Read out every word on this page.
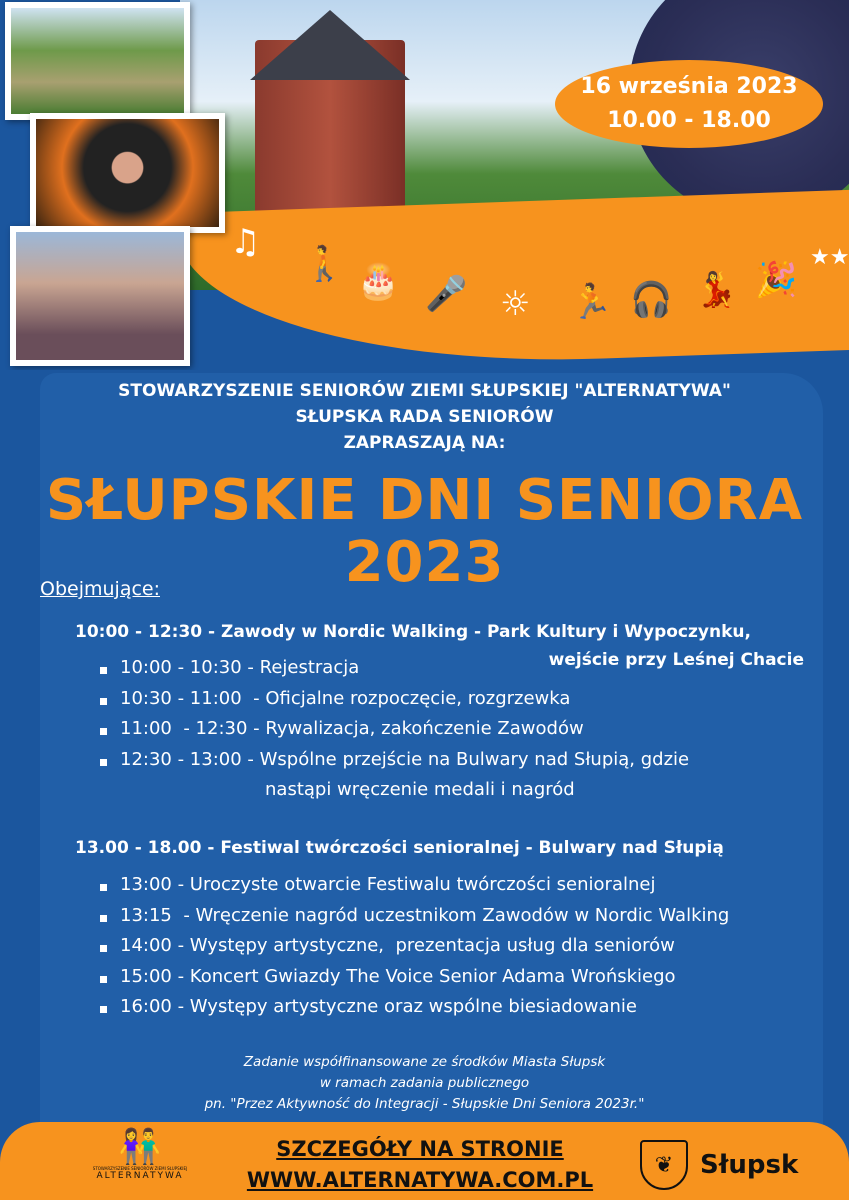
♫
🚶 🎂 🎤 ☼ 🏃 🎧 💃 🎉
★★
16 września 2023
10.00 - 18.00
STOWARZYSZENIE SENIORÓW ZIEMI SŁUPSKIEJ "ALTERNATYWA"
SŁUPSKA RADA SENIORÓW
ZAPRASZAJĄ NA:
SŁUPSKIE DNI SENIORA
2023
Obejmujące:
10:00 - 12:30 - Zawody w Nordic Walking - Park Kultury i Wypoczynku,
wejście przy Leśnej Chacie
10:00 - 10:30 - Rejestracja
10:30 - 11:00  - Oficjalne rozpoczęcie, rozgrzewka
11:00  - 12:30 - Rywalizacja, zakończenie Zawodów
12:30 - 13:00 - Wspólne przejście na Bulwary nad Słupią, gdzie
nastąpi wręczenie medali i nagród
13.00 - 18.00 - Festiwal twórczości senioralnej - Bulwary nad Słupią
13:00 - Uroczyste otwarcie Festiwalu twórczości senioralnej
13:15  - Wręczenie nagród uczestnikom Zawodów w Nordic Walking
14:00 - Występy artystyczne,  prezentacja usług dla seniorów
15:00 - Koncert Gwiazdy The Voice Senior Adama Wrońskiego
16:00 - Występy artystyczne oraz wspólne biesiadowanie
Zadanie współfinansowane ze środków Miasta Słupsk
w ramach zadania publicznego
pn. "Przez Aktywność do Integracji - Słupskie Dni Seniora 2023r."
👫
STOWARZYSZENIE SENIORÓW ZIEMI SŁUPSKIEJ
ALTERNATYWA
SZCZEGÓŁY NA STRONIE
WWW.ALTERNATYWA.COM.PL
❦	Słupsk
